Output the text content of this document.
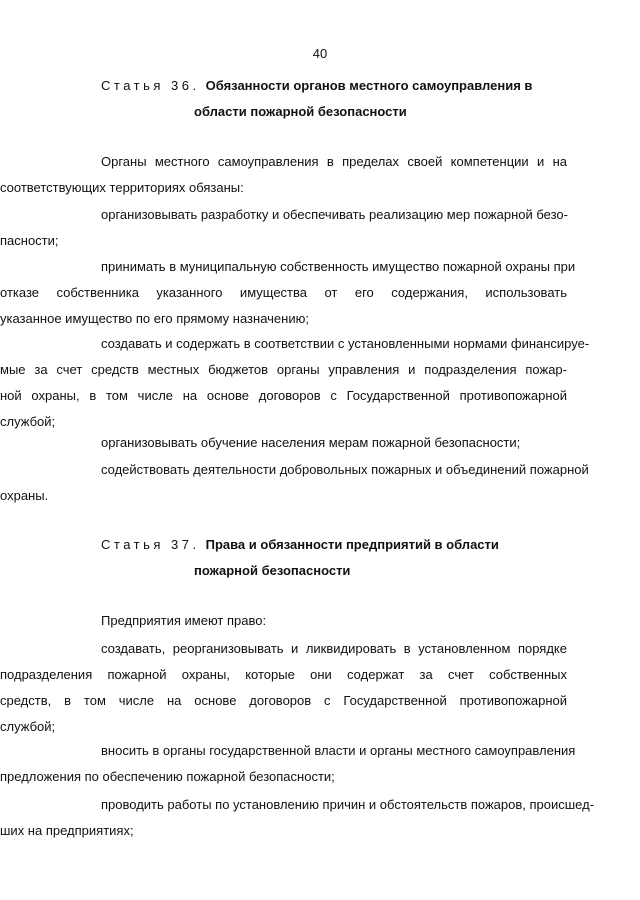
40
Статья 36. Обязанности органов местного самоуправления в
области пожарной безопасности
Органы местного самоуправления в пределах своей компетенции и на
соответствующих территориях обязаны:
организовывать разработку и обеспечивать реализацию мер пожарной безо-
пасности;
принимать в муниципальную собственность имущество пожарной охраны при
отказе собственника указанного имущества от его содержания, использовать
указанное имущество по его прямому назначению;
создавать и содержать в соответствии с установленными нормами финансируе-
мые за счет средств местных бюджетов органы управления и подразделения пожар-
ной охраны, в том числе на основе договоров с Государственной противопожарной
службой;
организовывать обучение населения мерам пожарной безопасности;
содействовать деятельности добровольных пожарных и объединений пожарной
охраны.
Статья 37. Права и обязанности предприятий в области
пожарной безопасности
Предприятия имеют право:
создавать, реорганизовывать и ликвидировать в установленном порядке
подразделения пожарной охраны, которые они содержат за счет собственных
средств, в том числе на основе договоров с Государственной противопожарной
службой;
вносить в органы государственной власти и органы местного самоуправления
предложения по обеспечению пожарной безопасности;
проводить работы по установлению причин и обстоятельств пожаров, происшед-
ших на предприятиях;
